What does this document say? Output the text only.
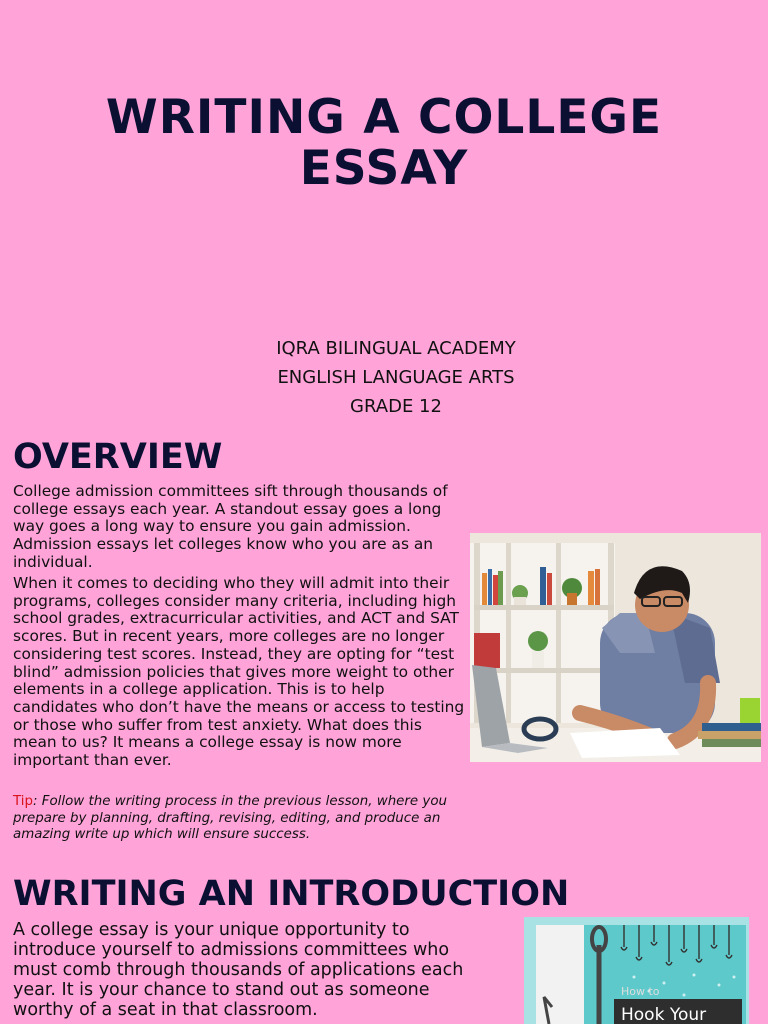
WRITING A COLLEGE
ESSAY
IQRA BILINGUAL ACADEMY
ENGLISH LANGUAGE ARTS
GRADE 12
OVERVIEW

College admission committees sift through thousands of college essays each year. A standout essay goes a long way goes a long way to ensure you gain admission. Admission essays let colleges know who you are as an individual.

When it comes to deciding who they will admit into their programs, colleges consider many criteria, including high school grades, extracurricular activities, and ACT and SAT scores. But in recent years, more colleges are no longer considering test scores. Instead, they are opting for “test blind” admission policies that gives more weight to other elements in a college application. This is to help candidates who don’t have the means or access to testing or those who suffer from test anxiety. What does this mean to us? It means a college essay is now more important than ever.

Tip: Follow the writing process in the previous lesson, where you prepare by planning, drafting, revising, editing, and produce an amazing write up which will ensure success.

WRITING AN INTRODUCTION

A college essay is your unique opportunity to introduce yourself to admissions committees who must comb through thousands of applications each year. It is your chance to stand out as someone worthy of a seat in that classroom.

How to
Hook Your
